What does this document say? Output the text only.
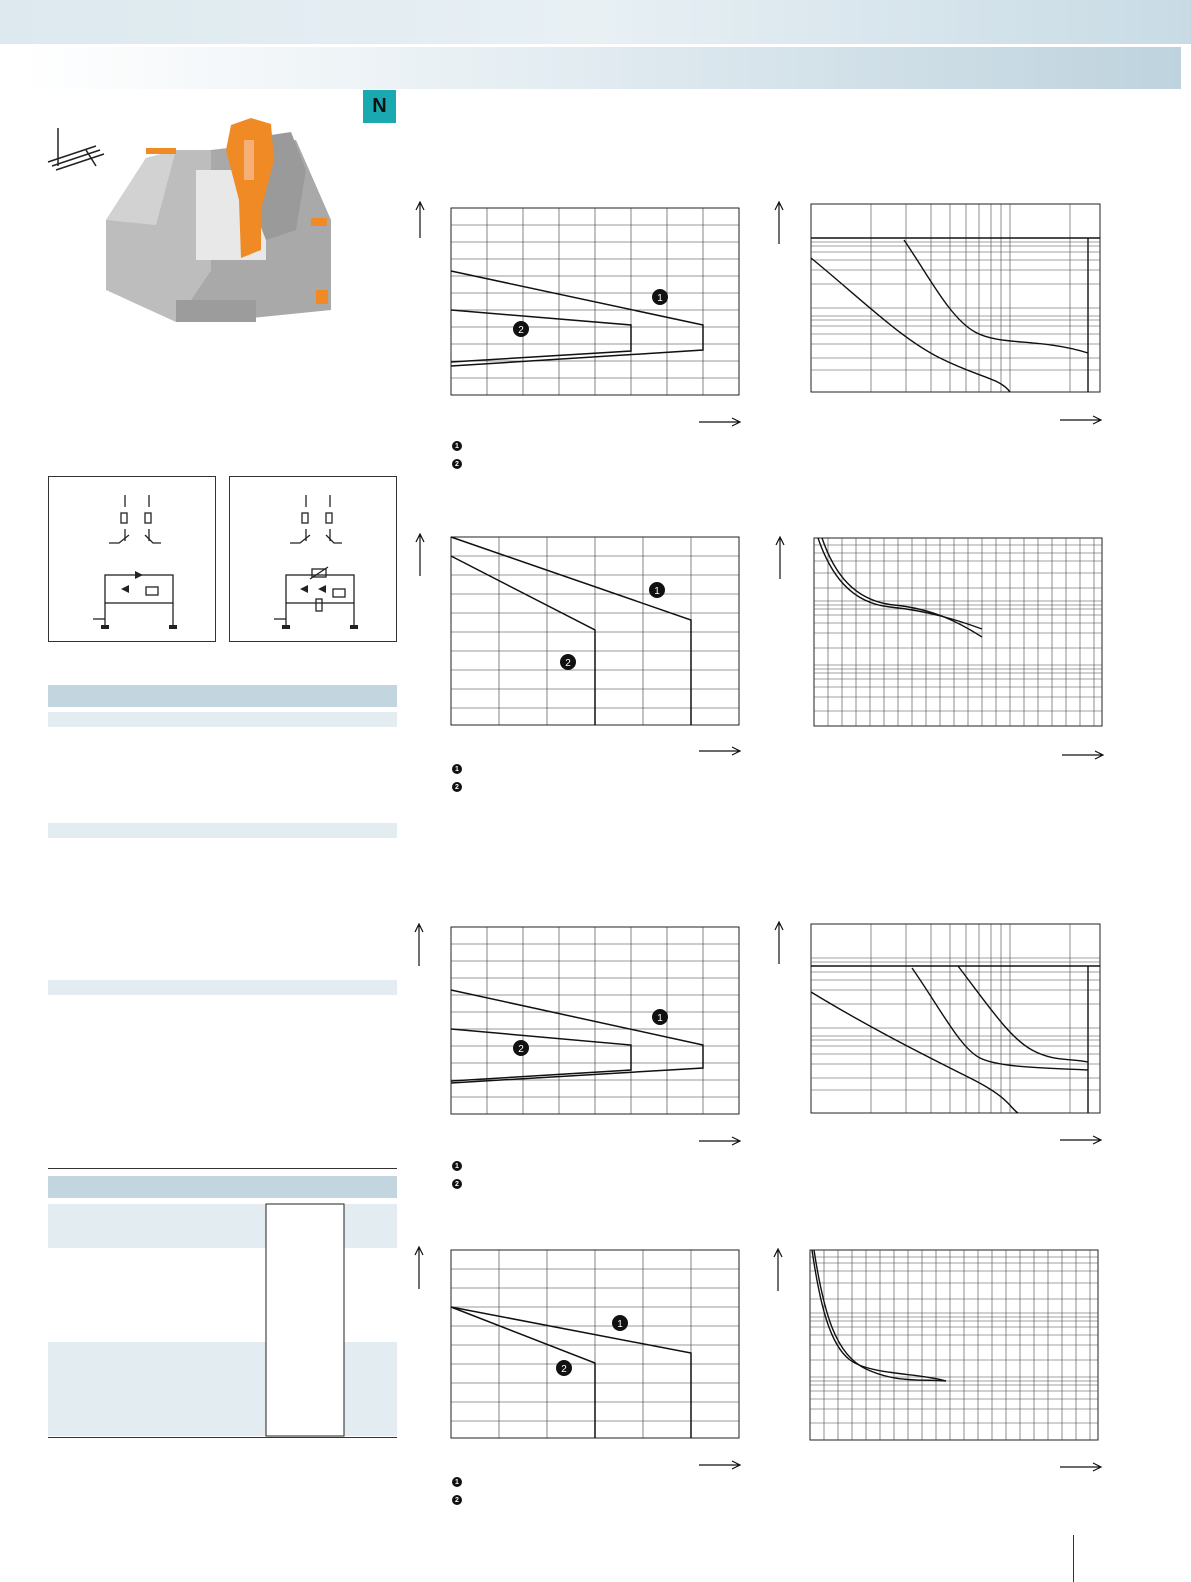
N
1
2
1
2
1
2
1
2
1
2
1
2
1
2
1
2
